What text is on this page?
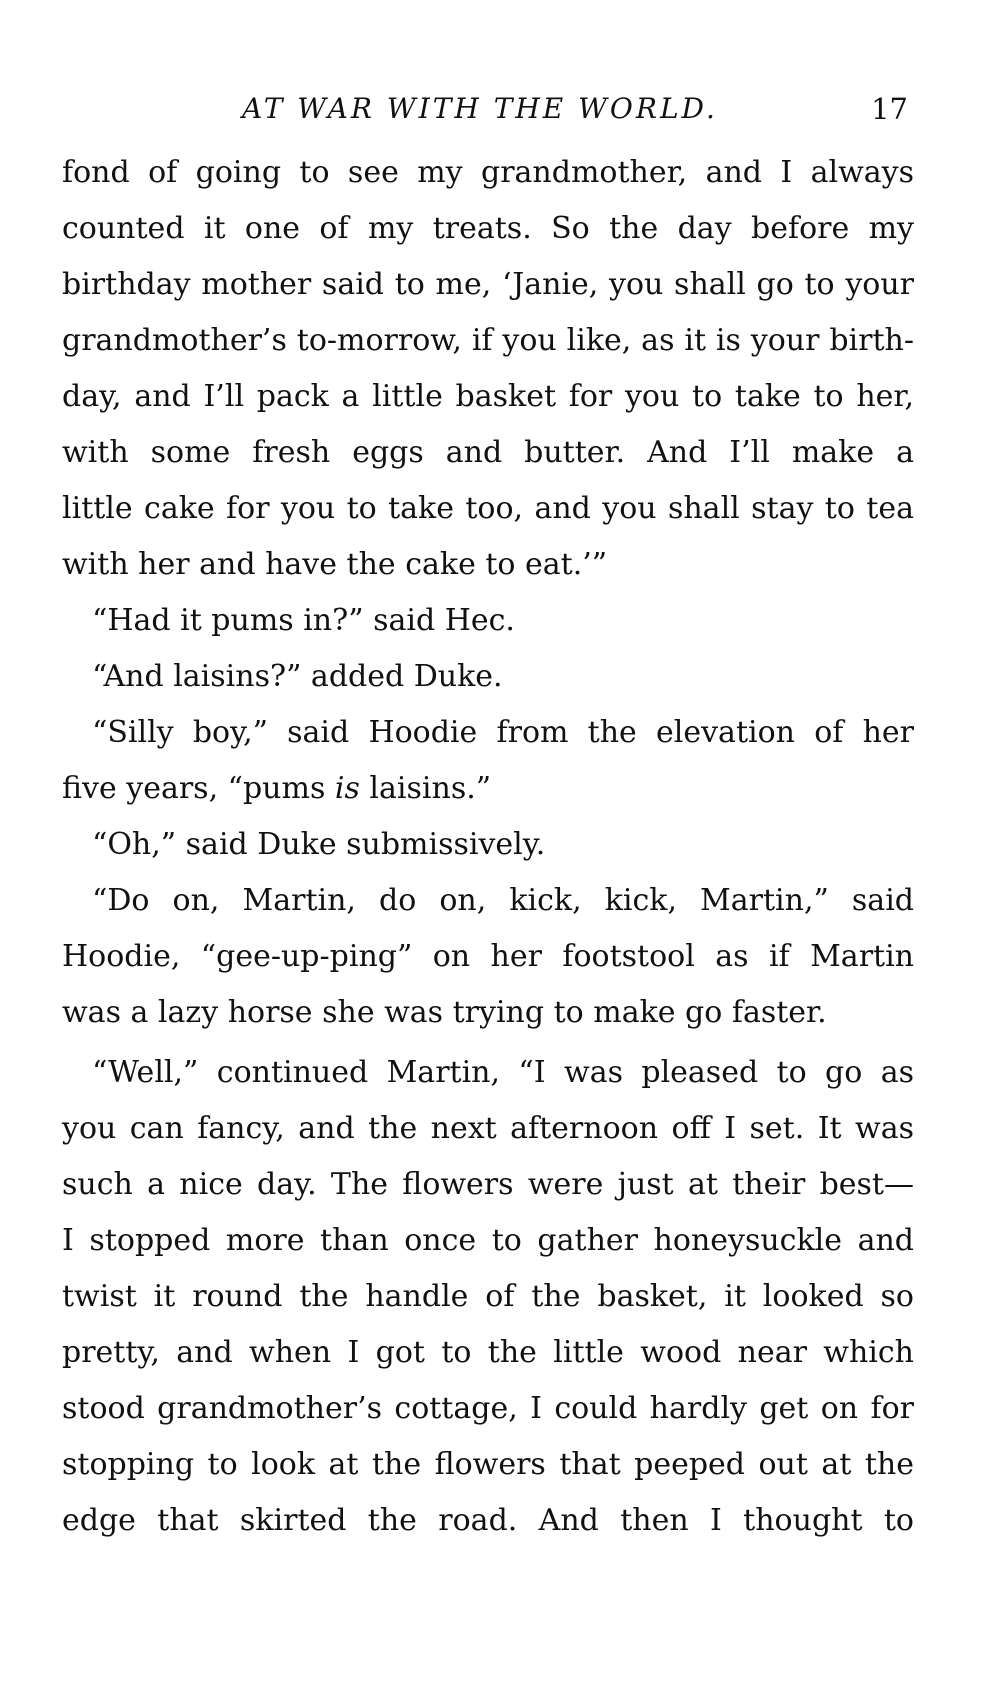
AT WAR WITH THE WORLD.	17
fond of going to see my grandmother, and I always
counted it one of my treats. So the day before my
birthday mother said to me, ‘Janie, you shall go to your
grandmother’s to-morrow, if you like, as it is your birth-
day, and I’ll pack a little basket for you to take to her,
with some fresh eggs and butter. And I’ll make a
little cake for you to take too, and you shall stay to tea
with her and have the cake to eat.’”
“Had it pums in?” said Hec.
“And laisins?” added Duke.
“Silly boy,” said Hoodie from the elevation of her
five years, “pums is laisins.”
“Oh,” said Duke submissively.
“Do on, Martin, do on, kick, kick, Martin,” said
Hoodie, “gee-up-ping” on her footstool as if Martin
was a lazy horse she was trying to make go faster.
“Well,” continued Martin, “I was pleased to go as
you can fancy, and the next afternoon off I set. It was
such a nice day. The flowers were just at their best—
I stopped more than once to gather honeysuckle and
twist it round the handle of the basket, it looked so
pretty, and when I got to the little wood near which
stood grandmother’s cottage, I could hardly get on for
stopping to look at the flowers that peeped out at the
edge that skirted the road. And then I thought to
